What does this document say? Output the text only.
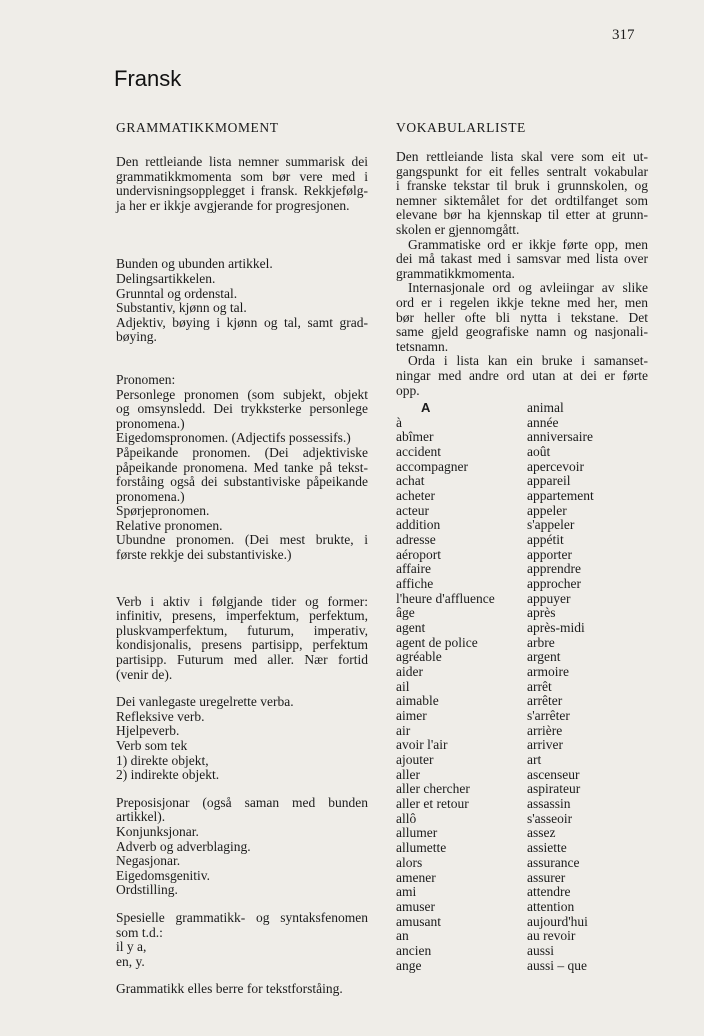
317
Fransk
GRAMMATIKKMOMENT
Den rettleiande lista nemner summarisk dei
grammatikkmomenta som bør vere med i
undervisningsopplegget i fransk. Rekkjefølg-
ja her er ikkje avgjerande for progresjonen.
Bunden og ubunden artikkel.
Delingsartikkelen.
Grunntal og ordenstal.
Substantiv, kjønn og tal.
Adjektiv, bøying i kjønn og tal, samt grad-
bøying.
Pronomen:
Personlege pronomen (som subjekt, objekt
og omsynsledd. Dei trykksterke personlege
pronomena.)
Eigedomspronomen. (Adjectifs possessifs.)
Påpeikande pronomen. (Dei adjektiviske
påpeikande pronomena. Med tanke på tekst-
forståing også dei substantiviske påpeikande
pronomena.)
Spørjepronomen.
Relative pronomen.
Ubundne pronomen. (Dei mest brukte, i
første rekkje dei substantiviske.)
Verb i aktiv i følgjande tider og former:
infinitiv, presens, imperfektum, perfektum,
pluskvamperfektum, futurum, imperativ,
kondisjonalis, presens partisipp, perfektum
partisipp. Futurum med aller. Nær fortid
(venir de).
Dei vanlegaste uregelrette verba.
Refleksive verb.
Hjelpeverb.
Verb som tek
1) direkte objekt,
2) indirekte objekt.
Preposisjonar (også saman med bunden
artikkel).
Konjunksjonar.
Adverb og adverblaging.
Negasjonar.
Eigedomsgenitiv.
Ordstilling.
Spesielle grammatikk- og syntaksfenomen
som t.d.:
il y a,
en, y.
Grammatikk elles berre for tekstforståing.
VOKABULARLISTE
Den rettleiande lista skal vere som eit ut-
gangspunkt for eit felles sentralt vokabular
i franske tekstar til bruk i grunnskolen, og
nemner siktemålet for det ordtilfanget som
elevane bør ha kjennskap til etter at grunn-
skolen er gjennomgått.
Grammatiske ord er ikkje førte opp, men
dei må takast med i samsvar med lista over
grammatikkmomenta.
Internasjonale ord og avleiingar av slike
ord er i regelen ikkje tekne med her, men
bør heller ofte bli nytta i tekstane. Det
same gjeld geografiske namn og nasjonali-
tetsnamn.
Orda i lista kan ein bruke i samanset-
ningar med andre ord utan at dei er førte
opp.
A
à
abîmer
accident
accompagner
achat
acheter
acteur
addition
adresse
aéroport
affaire
affiche
l'heure d'affluence
âge
agent
agent de police
agréable
aider
ail
aimable
aimer
air
avoir l'air
ajouter
aller
aller chercher
aller et retour
allô
allumer
allumette
alors
amener
ami
amuser
amusant
an
ancien
ange
animal
année
anniversaire
août
apercevoir
appareil
appartement
appeler
s'appeler
appétit
apporter
apprendre
approcher
appuyer
après
après-midi
arbre
argent
armoire
arrêt
arrêter
s'arrêter
arrière
arriver
art
ascenseur
aspirateur
assassin
s'asseoir
assez
assiette
assurance
assurer
attendre
attention
aujourd'hui
au revoir
aussi
aussi – que
